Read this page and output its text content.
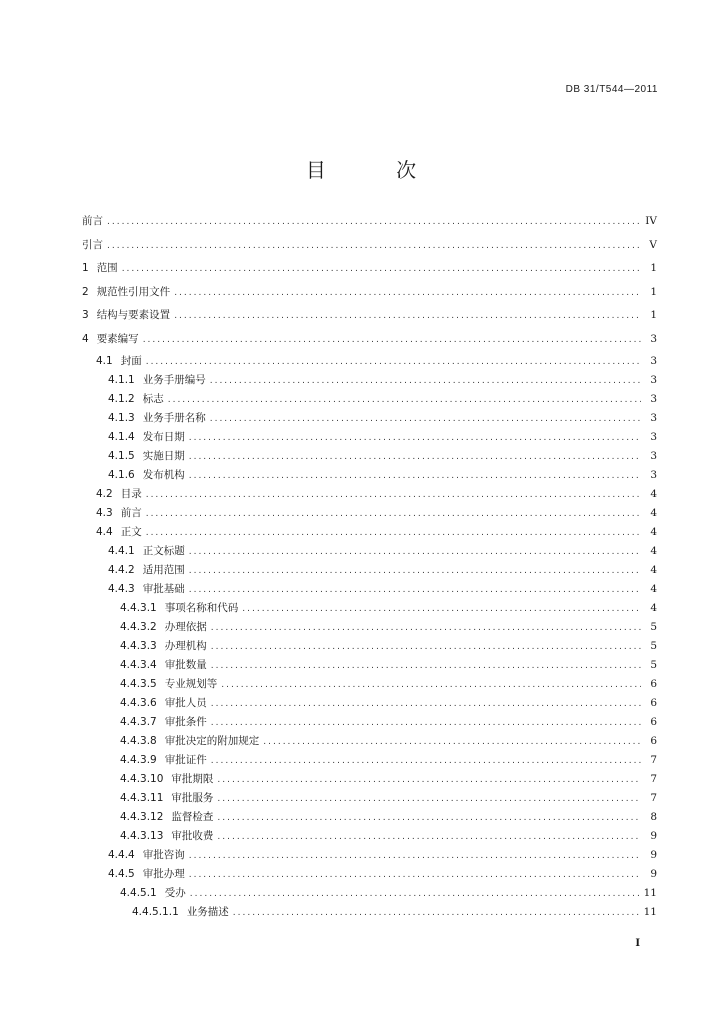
DB 31/T544—2011
目 次
前言 .....	IV
引言 .....	V
1 范围 .....	1
2 规范性引用文件 .....	1
3 结构与要素设置 .....	1
4 要素编写 .....	3
4.1 封面 .....	3
4.1.1 业务手册编号 .....	3
4.1.2 标志 .....	3
4.1.3 业务手册名称 .....	3
4.1.4 发布日期 .....	3
4.1.5 实施日期 .....	3
4.1.6 发布机构 .....	3
4.2 目录 .....	4
4.3 前言 .....	4
4.4 正文 .....	4
4.4.1 正文标题 .....	4
4.4.2 适用范围 .....	4
4.4.3 审批基础 .....	4
4.4.3.1 事项名称和代码 .....	4
4.4.3.2 办理依据 .....	5
4.4.3.3 办理机构 .....	5
4.4.3.4 审批数量 .....	5
4.4.3.5 专业规划等 .....	6
4.4.3.6 审批人员 .....	6
4.4.3.7 审批条件 .....	6
4.4.3.8 审批决定的附加规定 .....	6
4.4.3.9 审批证件 .....	7
4.4.3.10 审批期限 .....	7
4.4.3.11 审批服务 .....	7
4.4.3.12 监督检查 .....	8
4.4.3.13 审批收费 .....	9
4.4.4 审批咨询 .....	9
4.4.5 审批办理 .....	9
4.4.5.1 受办 .....	11
4.4.5.1.1 业务描述 .....	11
I
